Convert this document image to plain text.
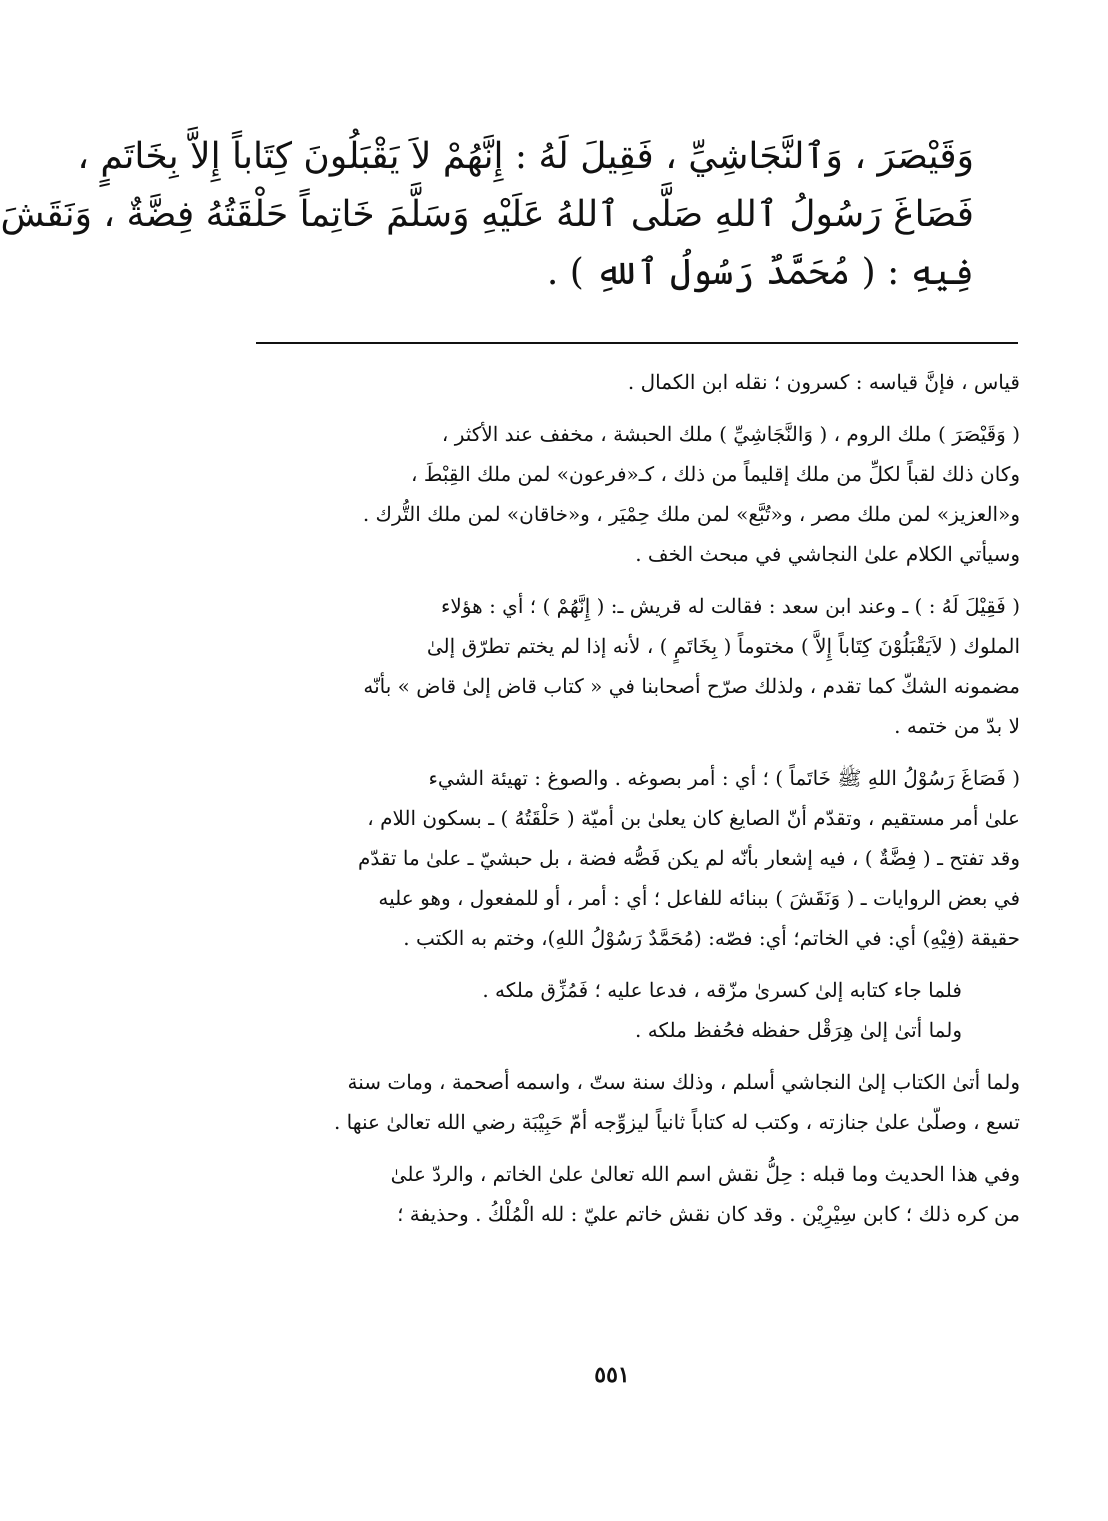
وَقَيْصَرَ ، وَٱلنَّجَاشِيِّ ، فَقِيلَ لَهُ : إِنَّهُمْ لاَ يَقْبَلُونَ كِتَاباً إِلاَّ بِخَاتَمٍ ،
فَصَاغَ رَسُولُ ٱللهِ صَلَّى ٱللهُ عَلَيْهِ وَسَلَّمَ خَاتِماً حَلْقَتُهُ فِضَّةٌ ، وَنَقَشَ
فِيهِ : ( مُحَمَّدٌ رَسُولُ ٱللهِ ) .
قياس ، فإنَّ قياسه : كسرون ؛ نقله ابن الكمال .
( وَقَيْصَرَ ) ملك الروم ، ( وَالنَّجَاشِيِّ ) ملك الحبشة ، مخفف عند الأكثر ،
وكان ذلك لقباً لكلِّ من ملك إقليماً من ذلك ، كـ«فرعون» لمن ملك القِبْطَ ،
و«العزيز» لمن ملك مصر ، و«تُبَّع» لمن ملك حِمْيَر ، و«خاقان» لمن ملك التُّرك .
وسيأتي الكلام علىٰ النجاشي في مبحث الخف .
( فَقِيْلَ لَهُ : ) ـ وعند ابن سعد : فقالت له قريش ـ: ( إِنَّهُمْ ) ؛ أي : هؤلاء
الملوك ( لاَيَقْبَلُوْنَ كِتَاباً إِلاَّ ) مختوماً ( بِخَاتَمٍ ) ، لأنه إذا لم يختم تطرّق إلىٰ
مضمونه الشكّ كما تقدم ، ولذلك صرّح أصحابنا في « كتاب قاض إلىٰ قاض » بأنّه
لا بدّ من ختمه .
( فَصَاغَ رَسُوْلُ اللهِ ﷺ خَاتَماً ) ؛ أي : أمر بصوغه . والصوغ : تهيئة الشيء
علىٰ أمر مستقيم ، وتقدّم أنّ الصايغ كان يعلىٰ بن أميّة ( حَلْقَتُهُ ) ـ بسكون اللام ،
وقد تفتح ـ ( فِضَّةٌ ) ، فيه إشعار بأنّه لم يكن فَصُّه فضة ، بل حبشيّ ـ علىٰ ما تقدّم
في بعض الروايات ـ ( وَنَقَشَ ) ببنائه للفاعل ؛ أي : أمر ، أو للمفعول ، وهو عليه
حقيقة (فِيْهِ) أي: في الخاتم؛ أي: فصّه: (مُحَمَّدٌ رَسُوْلُ اللهِ)، وختم به الكتب .
فلما جاء كتابه إلىٰ كسرىٰ مزّقه ، فدعا عليه ؛ فَمُزِّق ملكه .
ولما أتىٰ إلىٰ هِرَقْل حفظه فحُفظ ملكه .
ولما أتىٰ الكتاب إلىٰ النجاشي أسلم ، وذلك سنة ستّ ، واسمه أصحمة ، ومات سنة
تسع ، وصلّىٰ علىٰ جنازته ، وكتب له كتاباً ثانياً ليزوِّجه أمّ حَبِيْبَة رضي الله تعالىٰ عنها .
وفي هذا الحديث وما قبله : حِلُّ نقش اسم الله تعالىٰ علىٰ الخاتم ، والردّ علىٰ
من كره ذلك ؛ كابن سِيْرِيْن . وقد كان نقش خاتم عليّ : لله الْمُلْكُ . وحذيفة ؛
٥٥١
